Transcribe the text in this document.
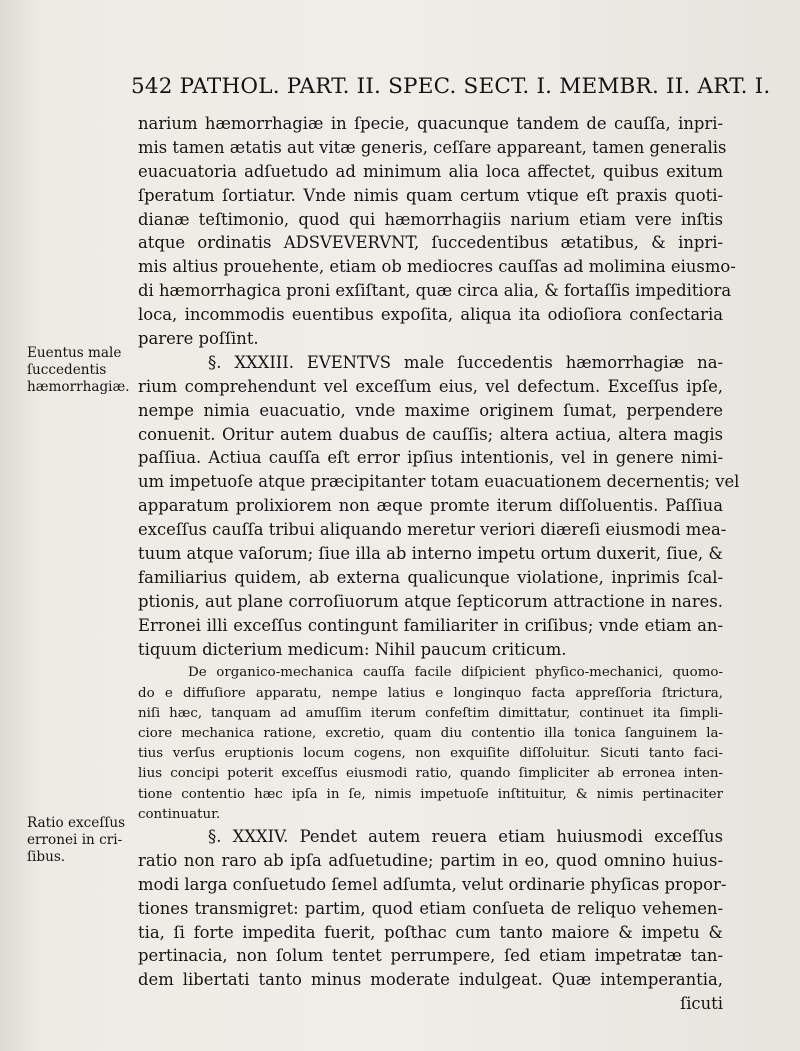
542 PATHOL. PART. II. SPEC. SECT. I. MEMBR. II. ART. I.
narium hæmorrhagiæ in ſpecie, quacunque tandem de cauſſa, inpri-
mis tamen ætatis aut vitæ generis, ceſſare appareant, tamen generalis
euacuatoria adſuetudo ad minimum alia loca affectet, quibus exitum
ſperatum ſortiatur. Vnde nimis quam certum vtique eſt praxis quoti-
dianæ teſtimonio, quod qui hæmorrhagiis narium etiam vere inſtis
atque ordinatis ADSVEVERVNT, ſuccedentibus ætatibus, & inpri-
mis altius prouehente, etiam ob mediocres cauſſas ad molimina eiusmo-
di hæmorrhagica proni exſiſtant, quæ circa alia, & fortaſſis impeditiora
loca, incommodis euentibus expoſita, aliqua ita odioſiora conſectaria
parere poſſint.
§. XXXIII. EVENTVS male ſuccedentis hæmorrhagiæ na-
rium comprehendunt vel exceſſum eius, vel defectum. Exceſſus ipſe,
nempe nimia euacuatio, vnde maxime originem ſumat, perpendere
conuenit. Oritur autem duabus de cauſſis; altera actiua, altera magis
paſſiua. Actiua cauſſa eſt error ipſius intentionis, vel in genere nimi-
um impetuoſe atque præcipitanter totam euacuationem decernentis; vel
apparatum prolixiorem non æque promte iterum diſſoluentis. Paſſiua
exceſſus cauſſa tribui aliquando meretur veriori diæreſi eiusmodi mea-
tuum atque vaſorum; ſiue illa ab interno impetu ortum duxerit, ſiue, &
familiarius quidem, ab externa qualicunque violatione, inprimis ſcal-
ptionis, aut plane corroſiuorum atque ſepticorum attractione in nares.
Erronei illi exceſſus contingunt familiariter in criſibus; vnde etiam an-
tiquum dicterium medicum: Nihil paucum criticum.
De organico-mechanica cauſſa facile diſpicient phyſico-mechanici, quomo-
do e diffuſiore apparatu, nempe latius e longinquo facta appreſſoria ſtrictura,
niſi hæc, tanquam ad amuſſim iterum confeſtim dimittatur, continuet ita ſimpli-
ciore mechanica ratione, excretio, quam diu contentio illa tonica ſanguinem la-
tius verſus eruptionis locum cogens, non exquiſite diſſoluitur. Sicuti tanto faci-
lius concipi poterit exceſſus eiusmodi ratio, quando ſimpliciter ab erronea inten-
tione contentio hæc ipſa in ſe, nimis impetuoſe inſtituitur, & nimis pertinaciter
continuatur.
§. XXXIV. Pendet autem reuera etiam huiusmodi exceſſus
ratio non raro ab ipſa adſuetudine; partim in eo, quod omnino huius-
modi larga conſuetudo ſemel adſumta, velut ordinarie phyſicas propor-
tiones transmigret: partim, quod etiam conſueta de reliquo vehemen-
tia, ſi forte impedita fuerit, poſthac cum tanto maiore & impetu &
pertinacia, non ſolum tentet perrumpere, ſed etiam impetratæ tan-
dem libertati tanto minus moderate indulgeat. Quæ intemperantia,
ſicuti
Euentus male
ſuccedentis
hæmorrhagiæ.
Ratio exceſſus
erronei in cri-
ſibus.
